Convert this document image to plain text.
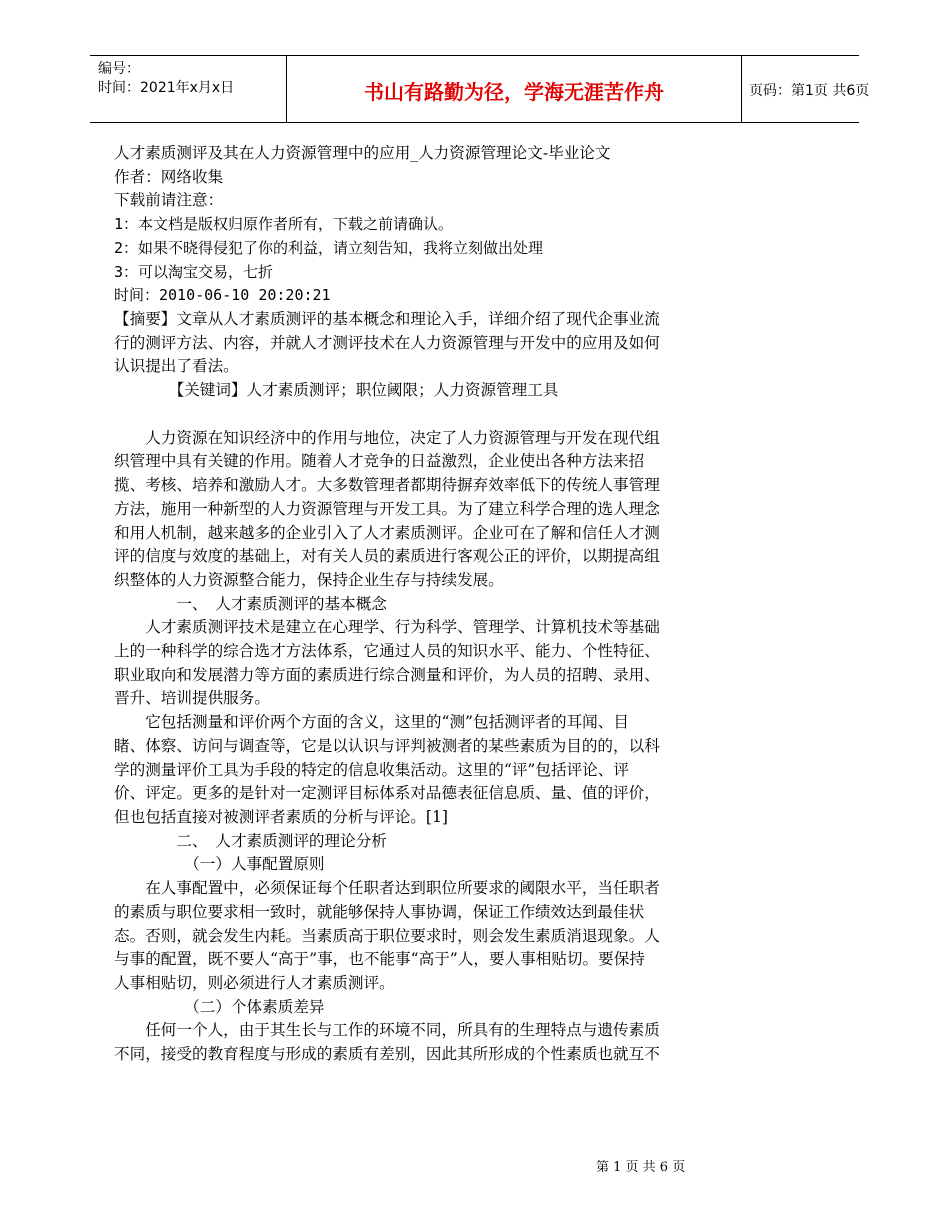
编号：
时间：2021年x月x日	书山有路勤为径，学海无涯苦作舟	页码：第1页 共6页

人才素质测评及其在人力资源管理中的应用_人力资源管理论文-毕业论文

作者：网络收集

下载前请注意：

1：本文档是版权归原作者所有，下载之前请确认。

2：如果不晓得侵犯了你的利益，请立刻告知，我将立刻做出处理

3：可以淘宝交易，七折

时间：2010-06-10 20:20:21

【摘要】文章从人才素质测评的基本概念和理论入手，详细介绍了现代企事业流

行的测评方法、内容，并就人才测评技术在人力资源管理与开发中的应用及如何

认识提出了看法。

　　　　【关键词】人才素质测评；职位阈限；人力资源管理工具

　　人力资源在知识经济中的作用与地位，决定了人力资源管理与开发在现代组

织管理中具有关键的作用。随着人才竞争的日益激烈，企业使出各种方法来招

揽、考核、培养和激励人才。大多数管理者都期待摒弃效率低下的传统人事管理

方法，施用一种新型的人力资源管理与开发工具。为了建立科学合理的选人理念

和用人机制，越来越多的企业引入了人才素质测评。企业可在了解和信任人才测

评的信度与效度的基础上，对有关人员的素质进行客观公正的评价，以期提高组

织整体的人力资源整合能力，保持企业生存与持续发展。

　　　　一、　人才素质测评的基本概念

　　人才素质测评技术是建立在心理学、行为科学、管理学、计算机技术等基础

上的一种科学的综合选才方法体系，它通过人员的知识水平、能力、个性特征、

职业取向和发展潜力等方面的素质进行综合测量和评价，为人员的招聘、录用、

晋升、培训提供服务。

　　它包括测量和评价两个方面的含义，这里的“测”包括测评者的耳闻、目

睹、体察、访问与调查等，它是以认识与评判被测者的某些素质为目的的，以科

学的测量评价工具为手段的特定的信息收集活动。这里的“评”包括评论、评

价、评定。更多的是针对一定测评目标体系对品德表征信息质、量、值的评价，

但也包括直接对被测评者素质的分析与评论。[1]

　　　　二、　人才素质测评的理论分析

　　　　　（一）人事配置原则

　　在人事配置中，必须保证每个任职者达到职位所要求的阈限水平，当任职者

的素质与职位要求相一致时，就能够保持人事协调，保证工作绩效达到最佳状

态。否则，就会发生内耗。当素质高于职位要求时，则会发生素质消退现象。人

与事的配置，既不要人“高于”事，也不能事“高于”人，要人事相贴切。要保持

人事相贴切，则必须进行人才素质测评。

　　　　　（二）个体素质差异

　　任何一个人，由于其生长与工作的环境不同，所具有的生理特点与遗传素质

不同，接受的教育程度与形成的素质有差别，因此其所形成的个性素质也就互不

第 1 页 共 6 页
